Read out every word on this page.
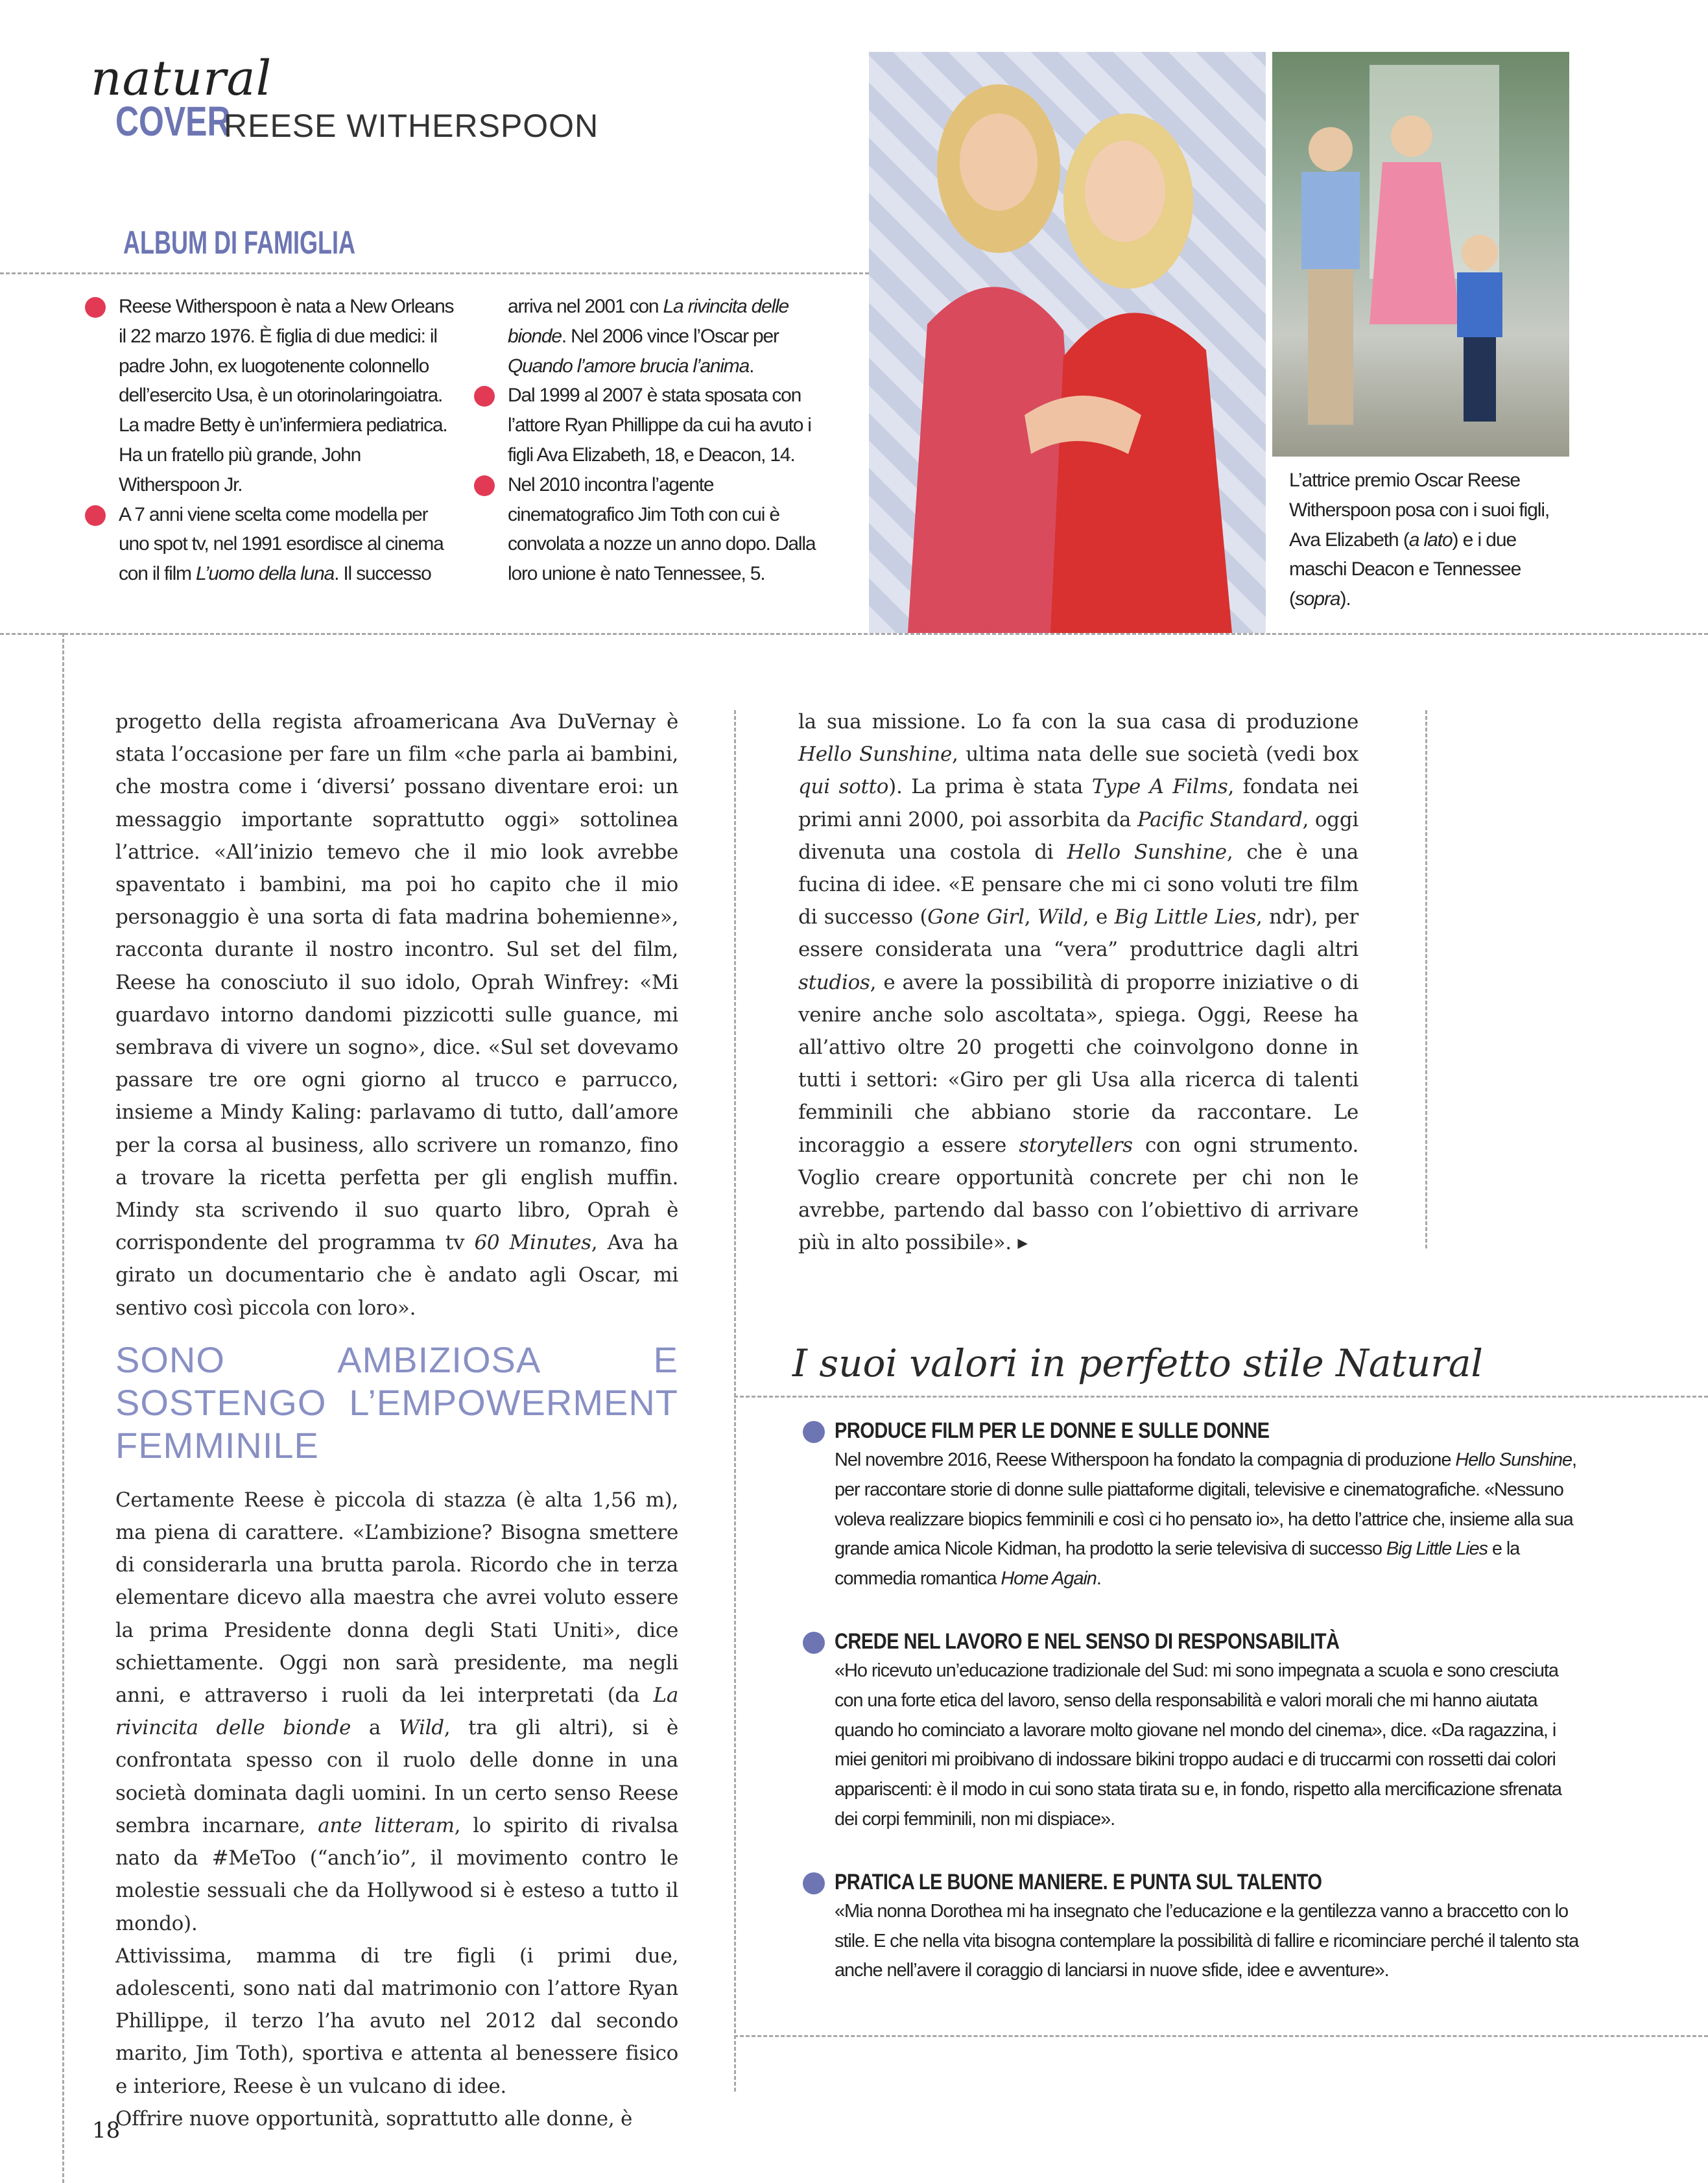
natural
COVER
REESE WITHERSPOON
ALBUM DI FAMIGLIA
Reese Witherspoon è nata a New Orleans il 22 marzo 1976. È figlia di due medici: il padre John, ex luogotenente colonnello dell’esercito Usa, è un otorinolaringoiatra. La madre Betty è un’infermiera pediatrica. Ha un fratello più grande, John Witherspoon Jr.
A 7 anni viene scelta come modella per uno spot tv, nel 1991 esordisce al cinema con il film L’uomo della luna. Il successo
arriva nel 2001 con La rivincita delle bionde. Nel 2006 vince l’Oscar per Quando l’amore brucia l’anima.
Dal 1999 al 2007 è stata sposata con l’attore Ryan Phillippe da cui ha avuto i figli Ava Elizabeth, 18, e Deacon, 14.
Nel 2010 incontra l’agente cinematografico Jim Toth con cui è convolata a nozze un anno dopo. Dalla loro unione è nato Tennessee, 5.
L’attrice premio Oscar Reese Witherspoon posa con i suoi figli, Ava Elizabeth (a lato) e i due maschi Deacon e Tennessee (sopra).

progetto della regista afroamericana Ava DuVernay è stata l’occasione per fare un film «che parla ai bambini, che mostra come i ‘diversi’ possano diventare eroi: un messaggio importante soprattutto oggi» sottolinea l’attrice. «All’inizio temevo che il mio look avrebbe spaventato i bambini, ma poi ho capito che il mio personaggio è una sorta di fata madrina bohemienne», racconta durante il nostro incontro. Sul set del film, Reese ha conosciuto il suo idolo, Oprah Winfrey: «Mi guardavo intorno dandomi pizzicotti sulle guance, mi sembrava di vivere un sogno», dice. «Sul set dovevamo passare tre ore ogni giorno al trucco e parrucco, insieme a Mindy Kaling: parlavamo di tutto, dall’amore per la corsa al business, allo scrivere un romanzo, fino a trovare la ricetta perfetta per gli english muffin. Mindy sta scrivendo il suo quarto libro, Oprah è corrispondente del programma tv 60 Minutes, Ava ha girato un documentario che è andato agli Oscar, mi sentivo così piccola con loro».

SONO AMBIZIOSA E SOSTENGO L’EMPOWERMENT FEMMINILE

Certamente Reese è piccola di stazza (è alta 1,56 m), ma piena di carattere. «L’ambizione? Bisogna smettere di considerarla una brutta parola. Ricordo che in terza elementare dicevo alla maestra che avrei voluto essere la prima Presidente donna degli Stati Uniti», dice schiettamente. Oggi non sarà presidente, ma negli anni, e attraverso i ruoli da lei interpretati (da La rivincita delle bionde a Wild, tra gli altri), si è confrontata spesso con il ruolo delle donne in una società dominata dagli uomini. In un certo senso Reese sembra incarnare, ante litteram, lo spirito di rivalsa nato da #MeToo (“anch’io”, il movimento contro le molestie sessuali che da Hollywood si è esteso a tutto il mondo).

Attivissima, mamma di tre figli (i primi due, adolescenti, sono nati dal matrimonio con l’attore Ryan Phillippe, il terzo l’ha avuto nel 2012 dal secondo marito, Jim Toth), sportiva e attenta al benessere fisico e interiore, Reese è un vulcano di idee.

Offrire nuove opportunità, soprattutto alle donne, è

la sua missione. Lo fa con la sua casa di produzione Hello Sunshine, ultima nata delle sue società (vedi box qui sotto). La prima è stata Type A Films, fondata nei primi anni 2000, poi assorbita da Pacific Standard, oggi divenuta una costola di Hello Sunshine, che è una fucina di idee. «E pensare che mi ci sono voluti tre film di successo (Gone Girl, Wild, e Big Little Lies, ndr), per essere considerata una “vera” produttrice dagli altri studios, e avere la possibilità di proporre iniziative o di venire anche solo ascoltata», spiega. Oggi, Reese ha all’attivo oltre 20 progetti che coinvolgono donne in tutti i settori: «Giro per gli Usa alla ricerca di talenti femminili che abbiano storie da raccontare. Le incoraggio a essere storytellers con ogni strumento. Voglio creare opportunità concrete per chi non le avrebbe, partendo dal basso con l’obiettivo di arrivare più in alto possibile». ▸

I suoi valori in perfetto stile Natural
PRODUCE FILM PER LE DONNE E SULLE DONNE
Nel novembre 2016, Reese Witherspoon ha fondato la compagnia di produzione Hello Sunshine, per raccontare storie di donne sulle piattaforme digitali, televisive e cinematografiche. «Nessuno voleva realizzare biopics femminili e così ci ho pensato io», ha detto l’attrice che, insieme alla sua grande amica Nicole Kidman, ha prodotto la serie televisiva di successo Big Little Lies e la commedia romantica Home Again.
CREDE NEL LAVORO E NEL SENSO DI RESPONSABILITÀ
«Ho ricevuto un’educazione tradizionale del Sud: mi sono impegnata a scuola e sono cresciuta con una forte etica del lavoro, senso della responsabilità e valori morali che mi hanno aiutata quando ho cominciato a lavorare molto giovane nel mondo del cinema», dice. «Da ragazzina, i miei genitori mi proibivano di indossare bikini troppo audaci e di truccarmi con rossetti dai colori appariscenti: è il modo in cui sono stata tirata su e, in fondo, rispetto alla mercificazione sfrenata dei corpi femminili, non mi dispiace».
PRATICA LE BUONE MANIERE. E PUNTA SUL TALENTO
«Mia nonna Dorothea mi ha insegnato che l’educazione e la gentilezza vanno a braccetto con lo stile. E che nella vita bisogna contemplare la possibilità di fallire e ricominciare perché il talento sta anche nell’avere il coraggio di lanciarsi in nuove sfide, idee e avventure».
18
